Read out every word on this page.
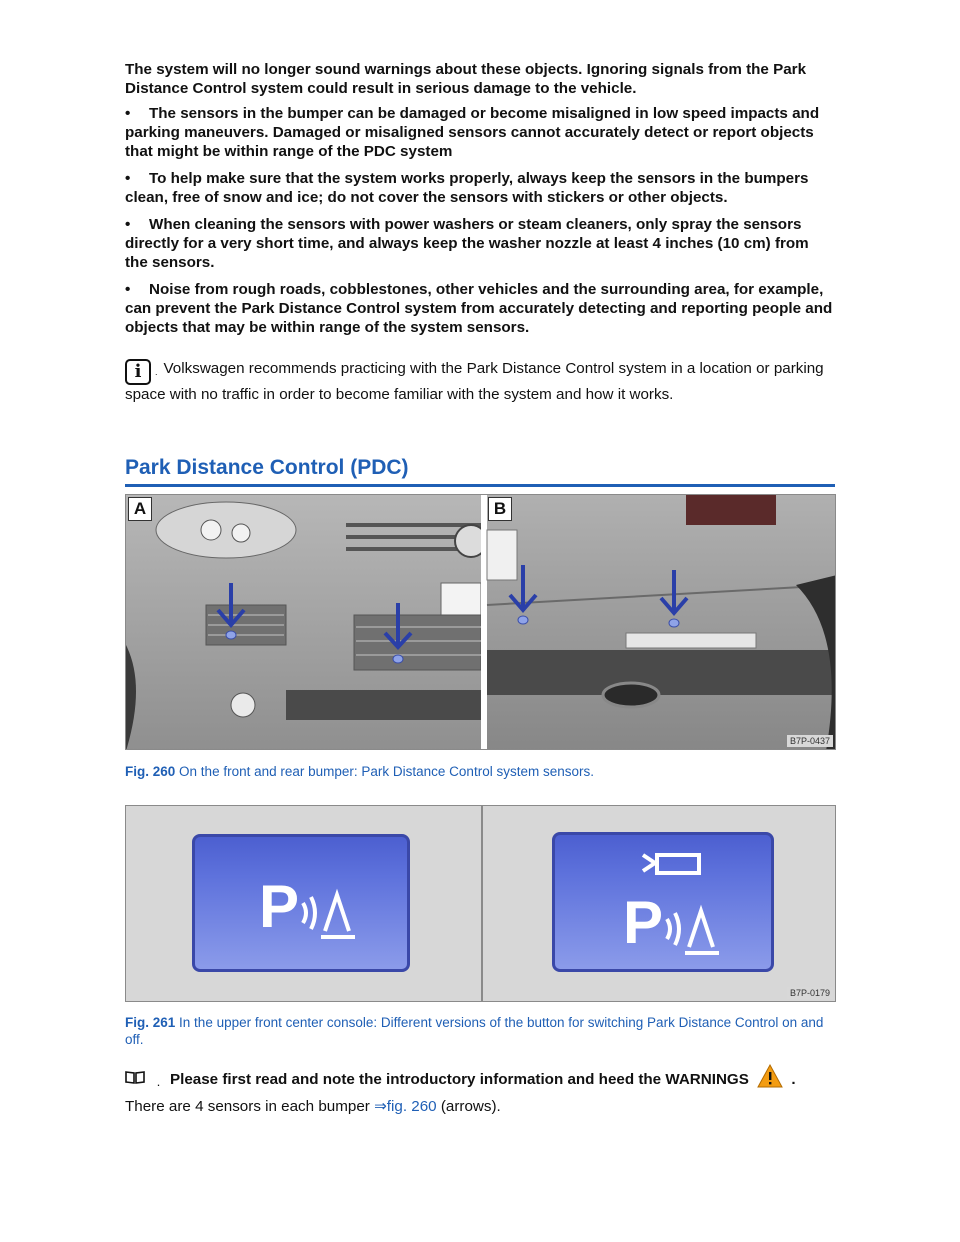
The system will no longer sound warnings about these objects. Ignoring signals from the Park Distance Control system could result in serious damage to the vehicle.

• The sensors in the bumper can be damaged or become misaligned in low speed impacts and parking maneuvers. Damaged or misaligned sensors cannot accurately detect or report objects that might be within range of the PDC system

• To help make sure that the system works properly, always keep the sensors in the bumpers clean, free of snow and ice; do not cover the sensors with stickers or other objects.

• When cleaning the sensors with power washers or steam cleaners, only spray the sensors directly for a very short time, and always keep the washer nozzle at least 4 inches (10 cm) from the sensors.

• Noise from rough roads, cobblestones, other vehicles and the surrounding area, for example, can prevent the Park Distance Control system from accurately detecting and reporting people and objects that may be within range of the system sensors.

i . Volkswagen recommends practicing with the Park Distance Control system in a location or parking space with no traffic in order to become familiar with the system and how it works.

Park Distance Control (PDC)
A	B
B7P-0437
Fig. 260 On the front and rear bumper: Park Distance Control system sensors.
P	P
B7P-0179
Fig. 261 In the upper front center console: Different versions of the button for switching Park Distance Control on and off.
. Please first read and note the introductory information and heed the WARNINGS	.
There are 4 sensors in each bumper ⇒fig. 260 (arrows).
